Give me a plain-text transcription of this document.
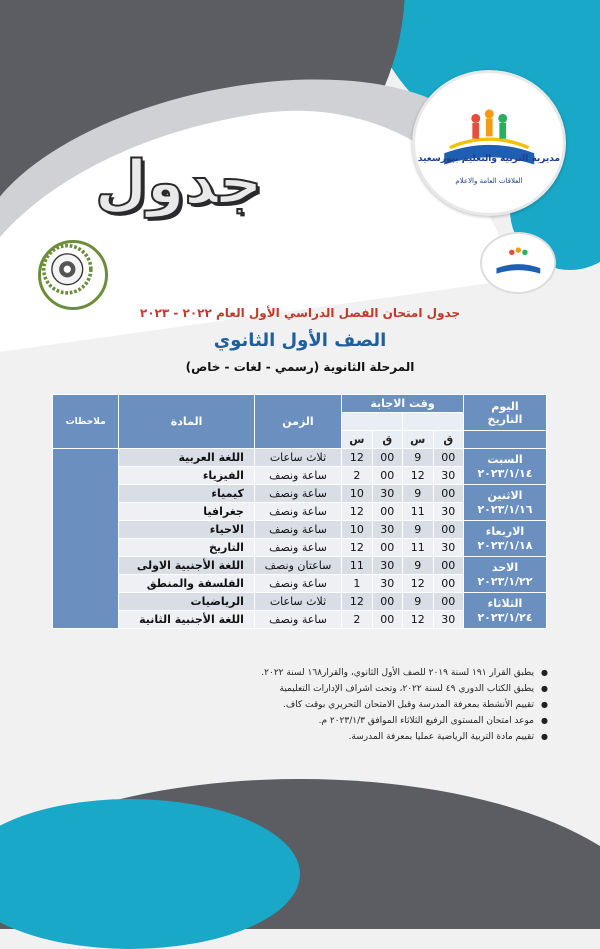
جدول	مديرية التربية والتعليم ببورسعيد
العلاقات العامة والاعلام
جدول امتحان الفصل الدراسي الأول العام ٢٠٢٢ - ٢٠٢٣
الصف الأول الثانوي
المرحلة الثانوية (رسمي - لغات - خاص)
اليوم
التاريخ	وقت الاجابة				الزمن	المادة	ملاحظات

	ق	س	ق	س			

السبت
٢٠٢٣/١/١٤	00	9	00	12	ثلاث ساعات	اللغة العربية	
	30	12	00	2	ساعة ونصف	الفيزياء	

الاثنين
٢٠٢٣/١/١٦	00	9	30	10	ساعة ونصف	كيمياء	
	30	11	00	12	ساعة ونصف	جغرافيا	

الاربعاء
٢٠٢٣/١/١٨	00	9	30	10	ساعة ونصف	الاحياء	
	30	11	00	12	ساعة ونصف	التاريخ	

الاحد
٢٠٢٣/١/٢٢	00	9	30	11	ساعتان ونصف	اللغة الأجنبية الاولى	
	00	12	30	1	ساعة ونصف	الفلسفة والمنطق	

الثلاثاء
٢٠٢٣/١/٢٤	00	9	00	12	ثلاث ساعات	الرياضيات	
	30	12	00	2	ساعة ونصف	اللغة الأجنبية الثانية	
● يطبق القرار ١٩١ لسنة ٢٠١٩ للصف الأول الثانوي، والقرار١٦٨ لسنة ٢٠٢٢.
● يطبق الكتاب الدوري ٤٩ لسنة ٢٠٢٢، وتحت اشراف الإدارات التعليمية
● تقييم الأنشطة بمعرفة المدرسة وقبل الامتحان التحريري بوقت كاف.
● موعد امتحان المستوى الرفيع الثلاثاء الموافق ٢٠٢٣/١/٣ م.
● تقييم مادة التربية الرياضية عمليا بمعرفة المدرسة.
